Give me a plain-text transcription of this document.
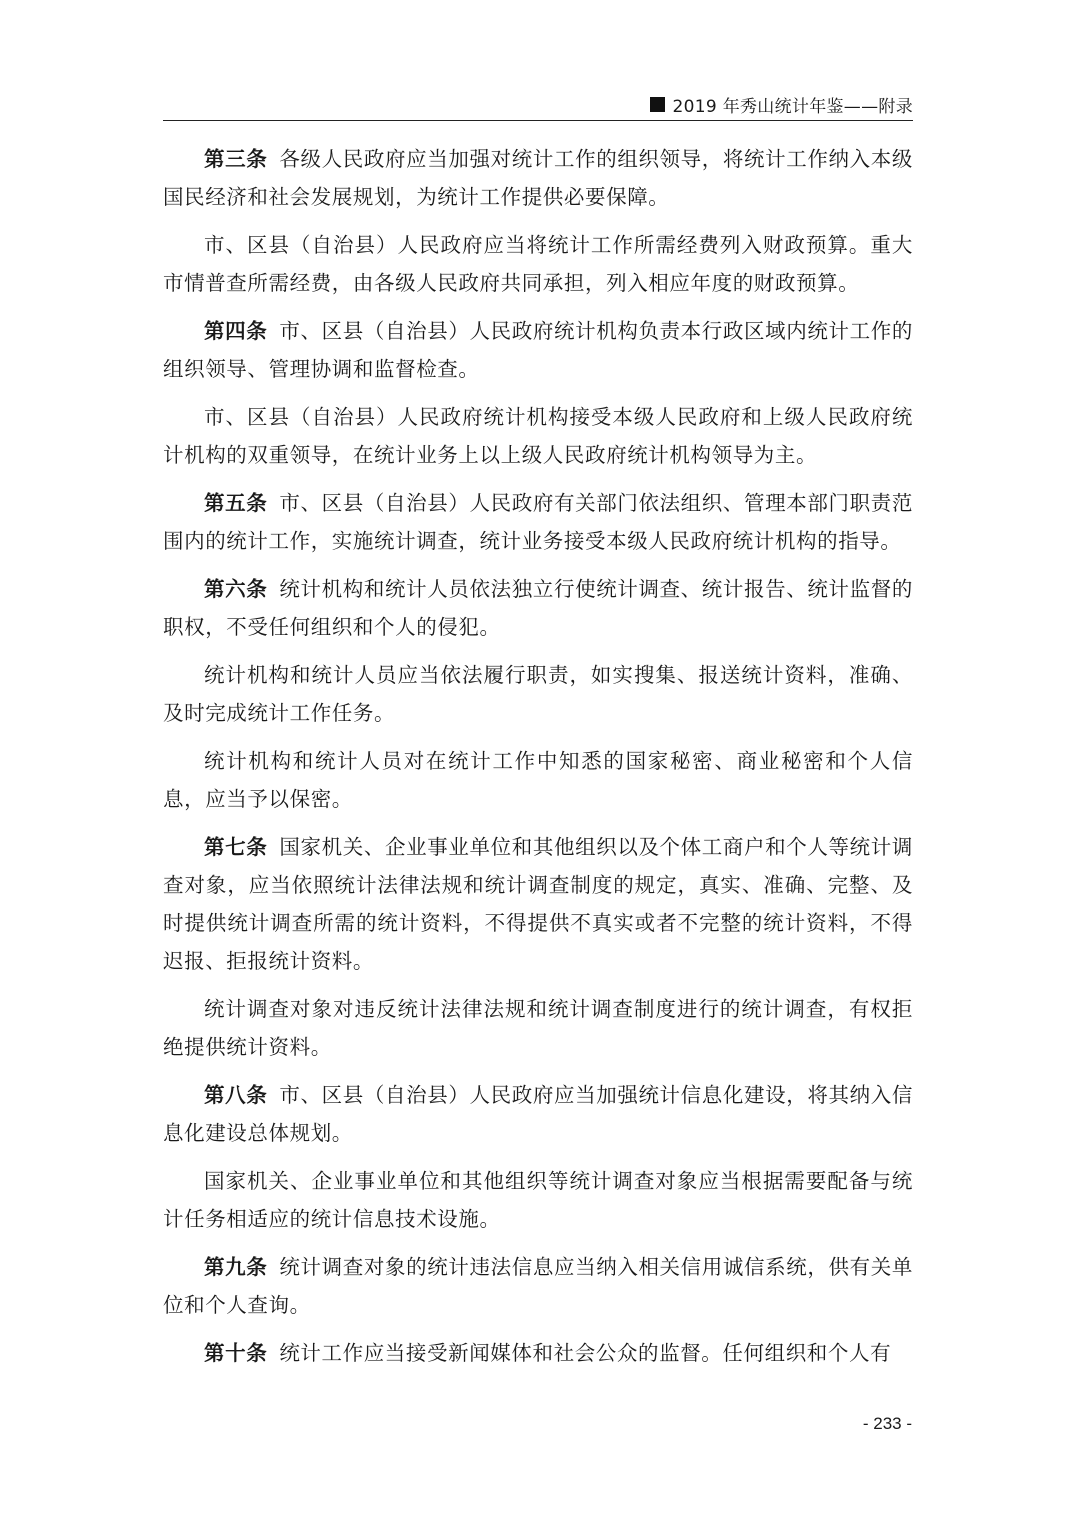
2019 年秀山统计年鉴——附录

第三条 各级人民政府应当加强对统计工作的组织领导，将统计工作纳入本级国民经济和社会发展规划，为统计工作提供必要保障。

市、区县（自治县）人民政府应当将统计工作所需经费列入财政预算。重大市情普查所需经费，由各级人民政府共同承担，列入相应年度的财政预算。

第四条 市、区县（自治县）人民政府统计机构负责本行政区域内统计工作的组织领导、管理协调和监督检查。

市、区县（自治县）人民政府统计机构接受本级人民政府和上级人民政府统计机构的双重领导，在统计业务上以上级人民政府统计机构领导为主。

第五条 市、区县（自治县）人民政府有关部门依法组织、管理本部门职责范围内的统计工作，实施统计调查，统计业务接受本级人民政府统计机构的指导。

第六条 统计机构和统计人员依法独立行使统计调查、统计报告、统计监督的职权，不受任何组织和个人的侵犯。

统计机构和统计人员应当依法履行职责，如实搜集、报送统计资料，准确、及时完成统计工作任务。

统计机构和统计人员对在统计工作中知悉的国家秘密、商业秘密和个人信息，应当予以保密。

第七条 国家机关、企业事业单位和其他组织以及个体工商户和个人等统计调查对象，应当依照统计法律法规和统计调查制度的规定，真实、准确、完整、及时提供统计调查所需的统计资料，不得提供不真实或者不完整的统计资料，不得迟报、拒报统计资料。

统计调查对象对违反统计法律法规和统计调查制度进行的统计调查，有权拒绝提供统计资料。

第八条 市、区县（自治县）人民政府应当加强统计信息化建设，将其纳入信息化建设总体规划。

国家机关、企业事业单位和其他组织等统计调查对象应当根据需要配备与统计任务相适应的统计信息技术设施。

第九条 统计调查对象的统计违法信息应当纳入相关信用诚信系统，供有关单位和个人查询。

第十条 统计工作应当接受新闻媒体和社会公众的监督。任何组织和个人有

- 233 -
